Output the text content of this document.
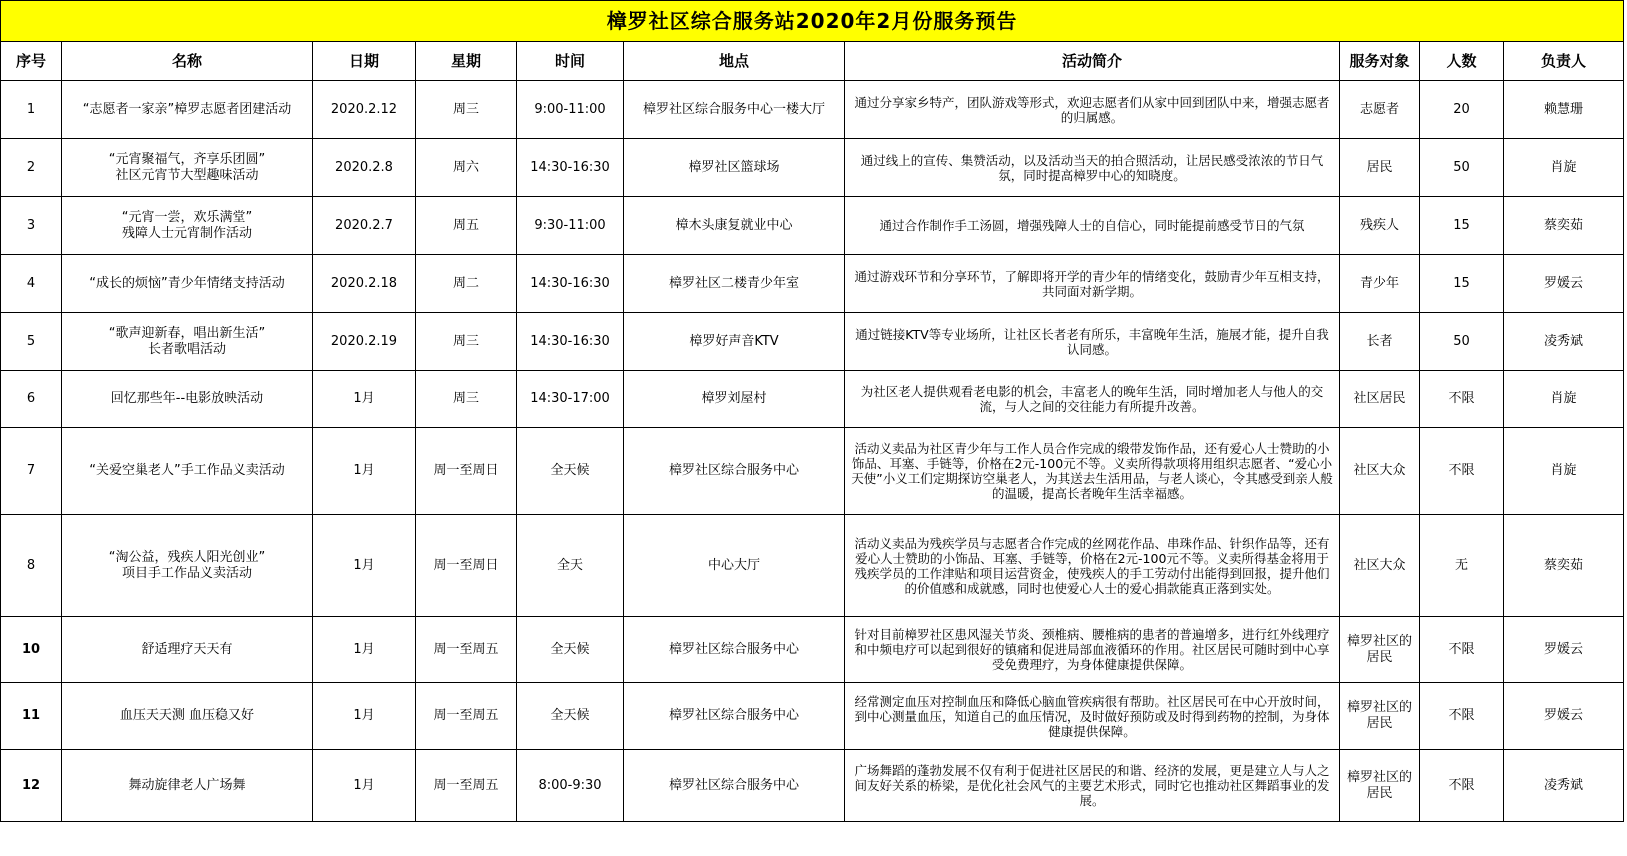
樟罗社区综合服务站2020年2月份服务预告									
序号	名称	日期	星期	时间	地点	活动简介	服务对象	人数	负责人
1	“志愿者一家亲”樟罗志愿者团建活动	2020.2.12	周三	9:00-11:00	樟罗社区综合服务中心一楼大厅	通过分享家乡特产，团队游戏等形式，欢迎志愿者们从家中回到团队中来，增强志愿者的归属感。	志愿者	20	赖慧珊
2	“元宵聚福气，齐享乐团圆”
社区元宵节大型趣味活动	2020.2.8	周六	14:30-16:30	樟罗社区篮球场	通过线上的宣传、集赞活动，以及活动当天的拍合照活动，让居民感受浓浓的节日气氛，同时提高樟罗中心的知晓度。	居民	50	肖旋
3	“元宵一尝，欢乐满堂”
残障人士元宵制作活动	2020.2.7	周五	9:30-11:00	樟木头康复就业中心	通过合作制作手工汤圆，增强残障人士的自信心，同时能提前感受节日的气氛	残疾人	15	蔡奕茹
4	“成长的烦恼”青少年情绪支持活动	2020.2.18	周二	14:30-16:30	樟罗社区二楼青少年室	通过游戏环节和分享环节，了解即将开学的青少年的情绪变化，鼓励青少年互相支持，共同面对新学期。	青少年	15	罗媛云
5	“歌声迎新春，唱出新生活”
长者歌唱活动	2020.2.19	周三	14:30-16:30	樟罗好声音KTV	通过链接KTV等专业场所，让社区长者老有所乐，丰富晚年生活，施展才能，提升自我认同感。	长者	50	凌秀斌
6	回忆那些年--电影放映活动	1月	周三	14:30-17:00	樟罗刘屋村	为社区老人提供观看老电影的机会，丰富老人的晚年生活，同时增加老人与他人的交流，与人之间的交往能力有所提升改善。	社区居民	不限	肖旋
7	“关爱空巢老人”手工作品义卖活动	1月	周一至周日	全天候	樟罗社区综合服务中心	活动义卖品为社区青少年与工作人员合作完成的缎带发饰作品，还有爱心人士赞助的小饰品、耳塞、手链等，价格在2元-100元不等。义卖所得款项将用组织志愿者、“爱心小天使”小义工们定期探访空巢老人，为其送去生活用品，与老人谈心，令其感受到亲人般的温暖，提高长者晚年生活幸福感。	社区大众	不限	肖旋
8	“淘公益，残疾人阳光创业”
项目手工作品义卖活动	1月	周一至周日	全天	中心大厅	活动义卖品为残疾学员与志愿者合作完成的丝网花作品、串珠作品、针织作品等，还有爱心人士赞助的小饰品、耳塞、手链等，价格在2元-100元不等。义卖所得基金将用于残疾学员的工作津贴和项目运营资金，使残疾人的手工劳动付出能得到回报，提升他们的价值感和成就感，同时也使爱心人士的爱心捐款能真正落到实处。	社区大众	无	蔡奕茹
10	舒适理疗天天有	1月	周一至周五	全天候	樟罗社区综合服务中心	针对目前樟罗社区患风湿关节炎、颈椎病、腰椎病的患者的普遍增多，进行红外线理疗和中频电疗可以起到很好的镇痛和促进局部血液循环的作用。社区居民可随时到中心享受免费理疗，为身体健康提供保障。	樟罗社区的居民	不限	罗媛云
11	血压天天测 血压稳又好	1月	周一至周五	全天候	樟罗社区综合服务中心	经常测定血压对控制血压和降低心脑血管疾病很有帮助。社区居民可在中心开放时间，到中心测量血压，知道自己的血压情况，及时做好预防或及时得到药物的控制，为身体健康提供保障。	樟罗社区的居民	不限	罗媛云
12	舞动旋律老人广场舞	1月	周一至周五	8:00-9:30	樟罗社区综合服务中心	广场舞蹈的蓬勃发展不仅有利于促进社区居民的和谐、经济的发展，更是建立人与人之间友好关系的桥梁，是优化社会风气的主要艺术形式，同时它也推动社区舞蹈事业的发展。	樟罗社区的居民	不限	凌秀斌
